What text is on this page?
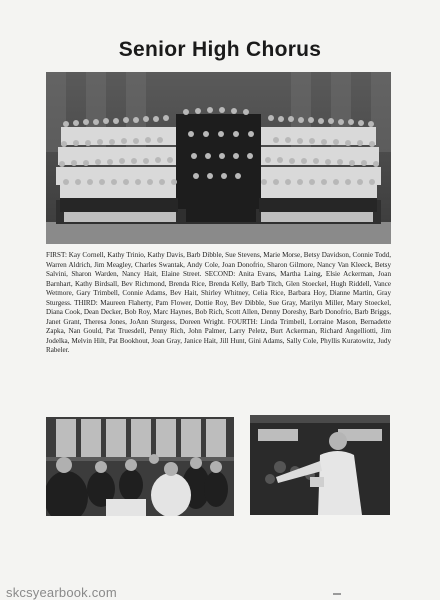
Senior High Chorus
FIRST: Kay Cornell, Kathy Trinio, Kathy Davis, Barb Dibble, Sue Stevens, Marie Morse, Betsy Davidson, Connie Todd, Warren Aldrich, Jim Meagley, Charles Swantak, Andy Cole, Joan Donofrio, Sharon Gilmore, Nancy Van Kleeck, Betsy Salvini, Sharon Warden, Nancy Hait, Elaine Street. SECOND: Anita Evans, Martha Laing, Elsie Ackerman, Joan Barnhart, Kathy Birdsall, Bev Richmond, Brenda Rice, Brenda Kelly, Barb Titch, Glen Stoeckel, Hugh Riddell, Vance Wetmore, Gary Trimbell, Connie Adams, Bev Hait, Shirley Whitney, Celia Rice, Barbara Hoy, Dianne Martin, Gray Sturgess. THIRD: Maureen Flaherty, Pam Flower, Dottie Roy, Bev Dibble, Sue Gray, Marilyn Miller, Mary Stoeckel, Diana Cook, Dean Decker, Bob Roy, Marc Haynes, Bob Rich, Scott Allen, Denny Doreshy, Barb Donofrio, Barb Briggs, Janet Grant, Theresa Jones, JoAnn Sturgess, Doreen Wright. FOURTH: Linda Trimbell, Lorraine Mason, Bernadette Zapka, Nan Gould, Pat Truesdell, Penny Rich, John Palmer, Larry Peletz, Burt Ackerman, Richard Angelliotti, Jim Jodelka, Melvin Hilt, Pat Bookhout, Joan Gray, Janice Hait, Jill Hunt, Gini Adams, Sally Cole, Phyllis Kuratowitz, Judy Rabeler.
skcsyearbook.com
